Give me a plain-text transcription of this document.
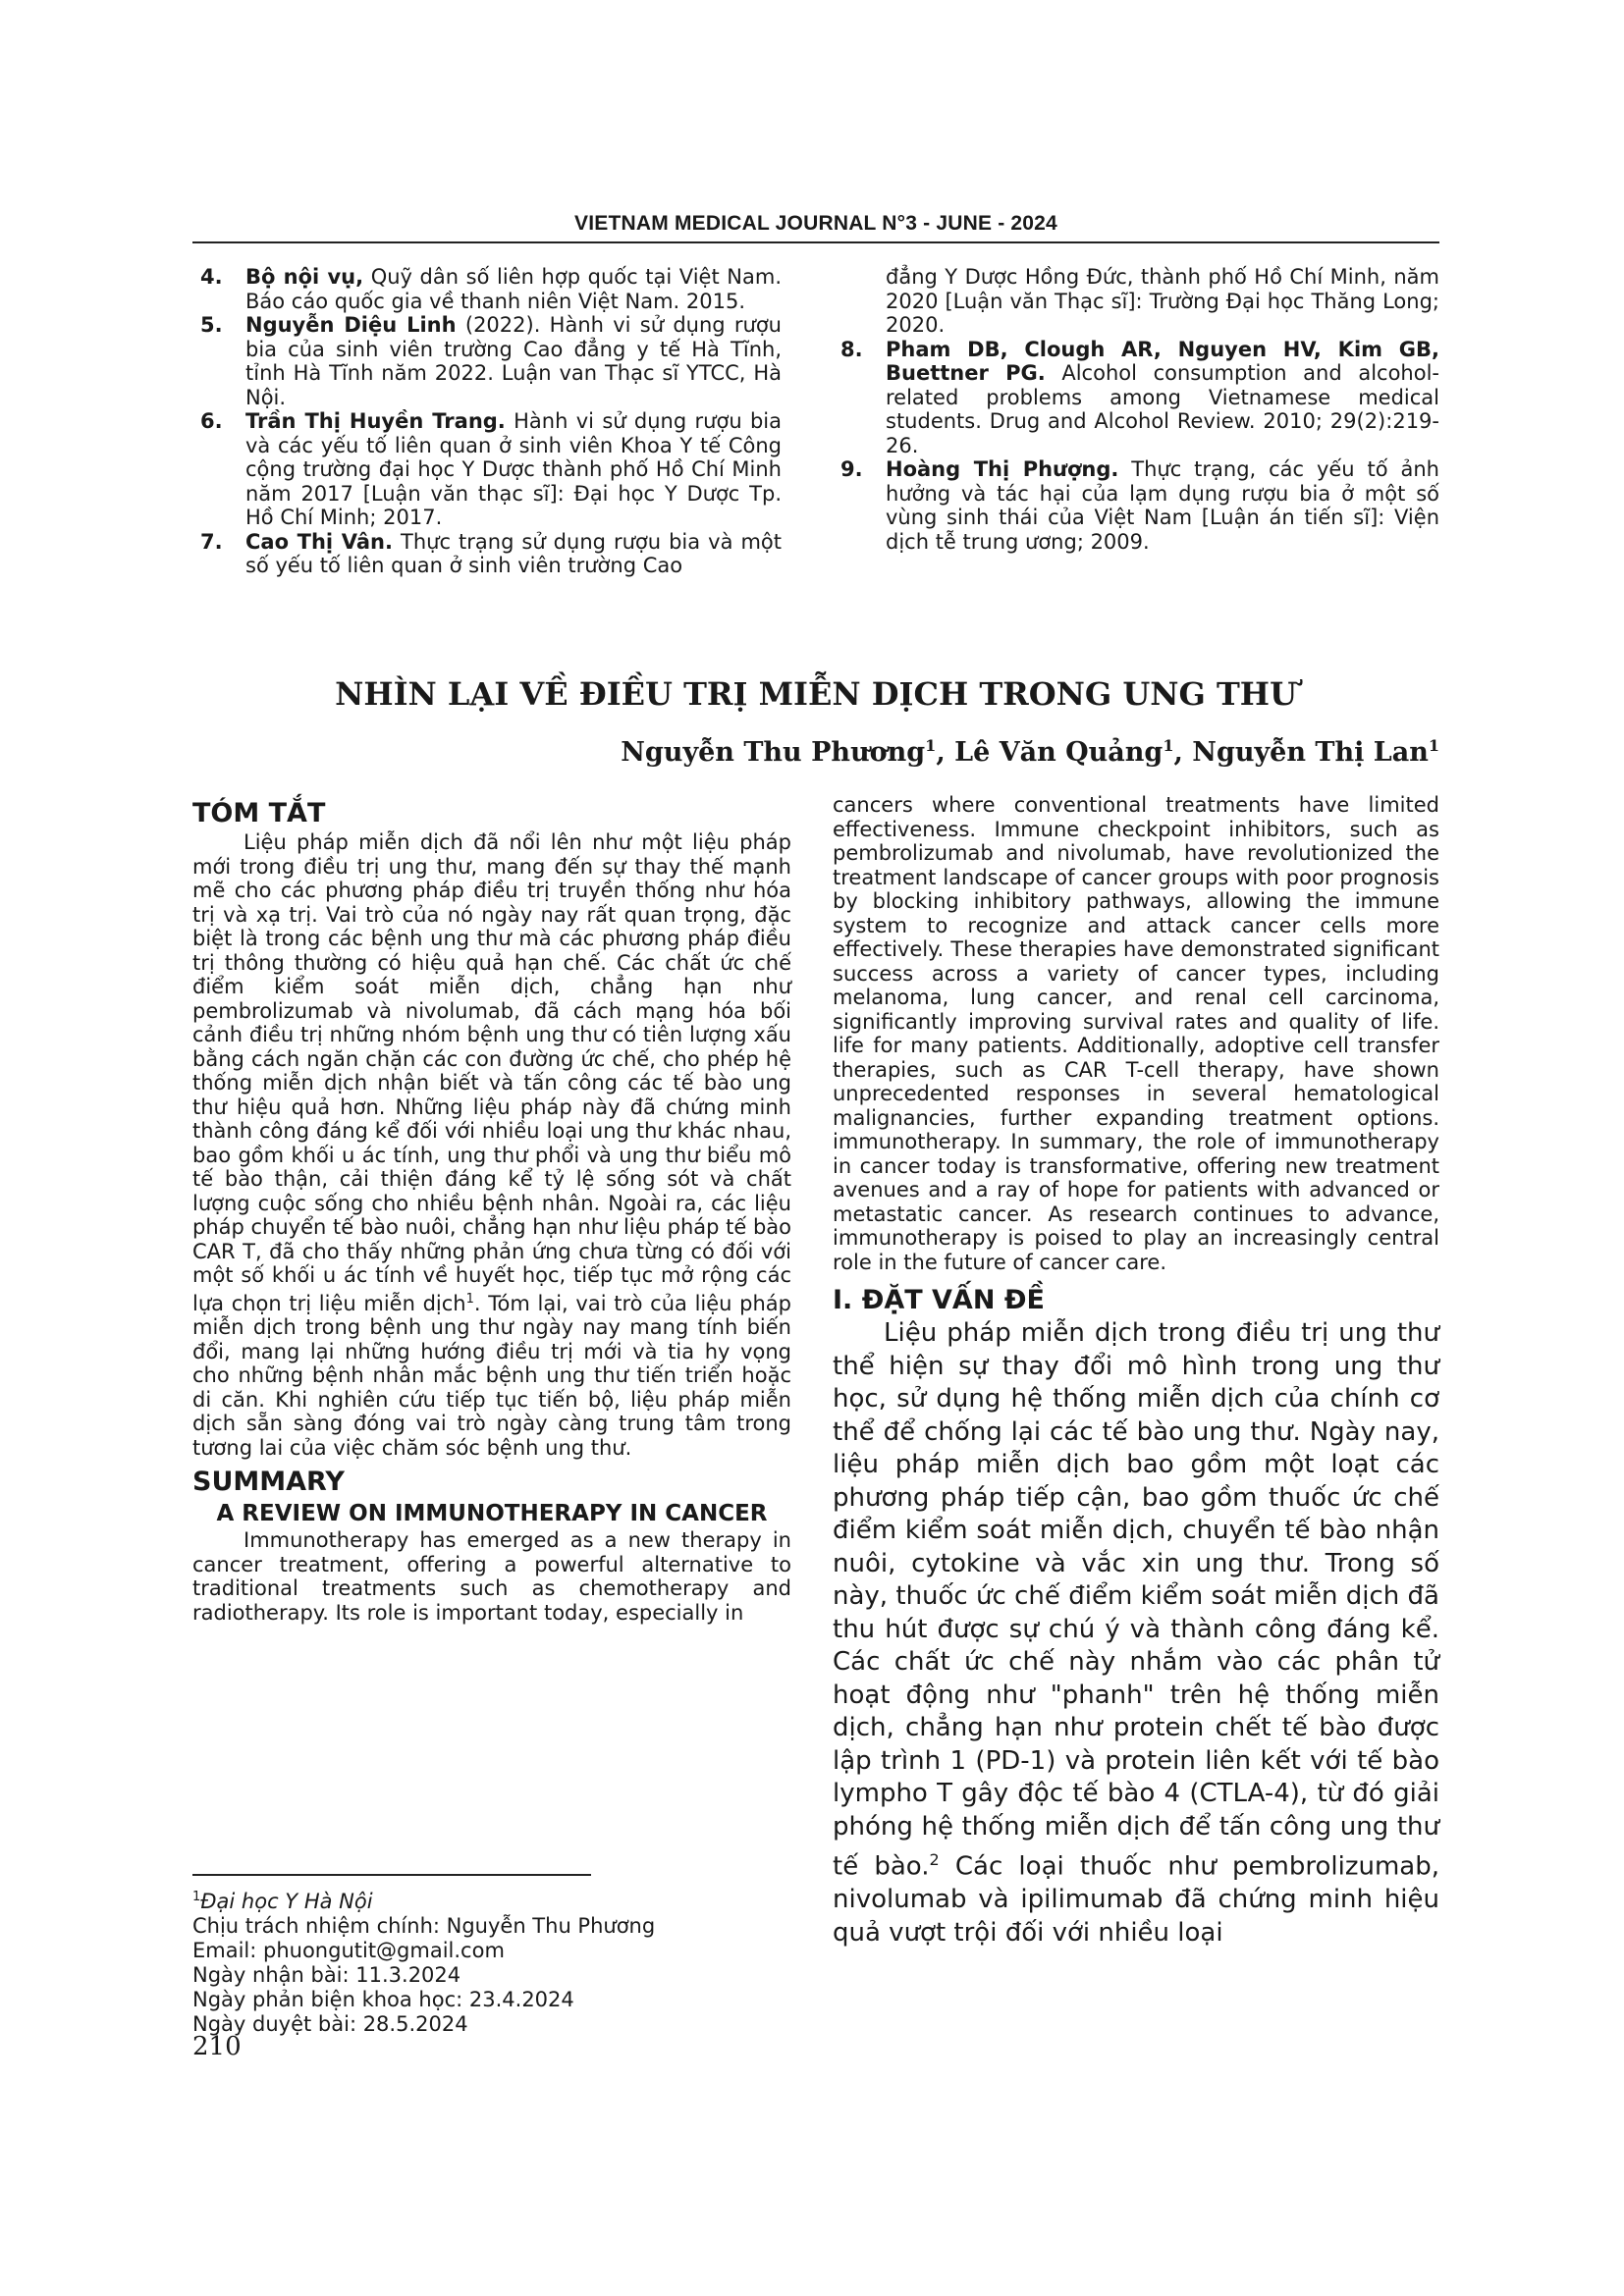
VIETNAM MEDICAL JOURNAL N°3 - JUNE - 2024
4. Bộ nội vụ, Quỹ dân số liên hợp quốc tại Việt Nam. Báo cáo quốc gia về thanh niên Việt Nam. 2015.
5. Nguyễn Diệu Linh (2022). Hành vi sử dụng rượu bia của sinh viên trường Cao đẳng y tế Hà Tĩnh, tỉnh Hà Tĩnh năm 2022. Luận van Thạc sĩ YTCC, Hà Nội.
6. Trần Thị Huyền Trang. Hành vi sử dụng rượu bia và các yếu tố liên quan ở sinh viên Khoa Y tế Công cộng trường đại học Y Dược thành phố Hồ Chí Minh năm 2017 [Luận văn thạc sĩ]: Đại học Y Dược Tp. Hồ Chí Minh; 2017.
7. Cao Thị Vân. Thực trạng sử dụng rượu bia và một số yếu tố liên quan ở sinh viên trường Cao
đẳng Y Dược Hồng Đức, thành phố Hồ Chí Minh, năm 2020 [Luận văn Thạc sĩ]: Trường Đại học Thăng Long; 2020.
8. Pham DB, Clough AR, Nguyen HV, Kim GB, Buettner PG. Alcohol consumption and alcohol-related problems among Vietnamese medical students. Drug and Alcohol Review. 2010; 29(2):219-26.
9. Hoàng Thị Phượng. Thực trạng, các yếu tố ảnh hưởng và tác hại của lạm dụng rượu bia ở một số vùng sinh thái của Việt Nam [Luận án tiến sĩ]: Viện dịch tễ trung ương; 2009.
NHÌN LẠI VỀ ĐIỀU TRỊ MIỄN DỊCH TRONG UNG THƯ
Nguyễn Thu Phương$^1$, Lê Văn Quảng$^1$, Nguyễn Thị Lan$^1$
TÓM TẮT

Liệu pháp miễn dịch đã nổi lên như một liệu pháp mới trong điều trị ung thư, mang đến sự thay thế mạnh mẽ cho các phương pháp điều trị truyền thống như hóa trị và xạ trị. Vai trò của nó ngày nay rất quan trọng, đặc biệt là trong các bệnh ung thư mà các phương pháp điều trị thông thường có hiệu quả hạn chế. Các chất ức chế điểm kiểm soát miễn dịch, chẳng hạn như pembrolizumab và nivolumab, đã cách mạng hóa bối cảnh điều trị những nhóm bệnh ung thư có tiên lượng xấu bằng cách ngăn chặn các con đường ức chế, cho phép hệ thống miễn dịch nhận biết và tấn công các tế bào ung thư hiệu quả hơn. Những liệu pháp này đã chứng minh thành công đáng kể đối với nhiều loại ung thư khác nhau, bao gồm khối u ác tính, ung thư phổi và ung thư biểu mô tế bào thận, cải thiện đáng kể tỷ lệ sống sót và chất lượng cuộc sống cho nhiều bệnh nhân. Ngoài ra, các liệu pháp chuyển tế bào nuôi, chẳng hạn như liệu pháp tế bào CAR T, đã cho thấy những phản ứng chưa từng có đối với một số khối u ác tính về huyết học, tiếp tục mở rộng các lựa chọn trị liệu miễn dịch$^1$. Tóm lại, vai trò của liệu pháp miễn dịch trong bệnh ung thư ngày nay mang tính biến đổi, mang lại những hướng điều trị mới và tia hy vọng cho những bệnh nhân mắc bệnh ung thư tiến triển hoặc di căn. Khi nghiên cứu tiếp tục tiến bộ, liệu pháp miễn dịch sẵn sàng đóng vai trò ngày càng trung tâm trong tương lai của việc chăm sóc bệnh ung thư.

SUMMARY
A REVIEW ON IMMUNOTHERAPY IN CANCER

Immunotherapy has emerged as a new therapy in cancer treatment, offering a powerful alternative to traditional treatments such as chemotherapy and radiotherapy. Its role is important today, especially in

cancers where conventional treatments have limited effectiveness. Immune checkpoint inhibitors, such as pembrolizumab and nivolumab, have revolutionized the treatment landscape of cancer groups with poor prognosis by blocking inhibitory pathways, allowing the immune system to recognize and attack cancer cells more effectively. These therapies have demonstrated significant success across a variety of cancer types, including melanoma, lung cancer, and renal cell carcinoma, significantly improving survival rates and quality of life. life for many patients. Additionally, adoptive cell transfer therapies, such as CAR T-cell therapy, have shown unprecedented responses in several hematological malignancies, further expanding treatment options. immunotherapy. In summary, the role of immunotherapy in cancer today is transformative, offering new treatment avenues and a ray of hope for patients with advanced or metastatic cancer. As research continues to advance, immunotherapy is poised to play an increasingly central role in the future of cancer care.

I. ĐẶT VẤN ĐỀ

Liệu pháp miễn dịch trong điều trị ung thư thể hiện sự thay đổi mô hình trong ung thư học, sử dụng hệ thống miễn dịch của chính cơ thể để chống lại các tế bào ung thư. Ngày nay, liệu pháp miễn dịch bao gồm một loạt các phương pháp tiếp cận, bao gồm thuốc ức chế điểm kiểm soát miễn dịch, chuyển tế bào nhận nuôi, cytokine và vắc xin ung thư. Trong số này, thuốc ức chế điểm kiểm soát miễn dịch đã thu hút được sự chú ý và thành công đáng kể. Các chất ức chế này nhắm vào các phân tử hoạt động như "phanh" trên hệ thống miễn dịch, chẳng hạn như protein chết tế bào được lập trình 1 (PD-1) và protein liên kết với tế bào lympho T gây độc tế bào 4 (CTLA-4), từ đó giải phóng hệ thống miễn dịch để tấn công ung thư tế bào.$^2$ Các loại thuốc như pembrolizumab, nivolumab và ipilimumab đã chứng minh hiệu quả vượt trội đối với nhiều loại

$^1$Đại học Y Hà Nội
Chịu trách nhiệm chính: Nguyễn Thu Phương
Email: phuongutit@gmail.com
Ngày nhận bài: 11.3.2024
Ngày phản biện khoa học: 23.4.2024
Ngày duyệt bài: 28.5.2024
210
